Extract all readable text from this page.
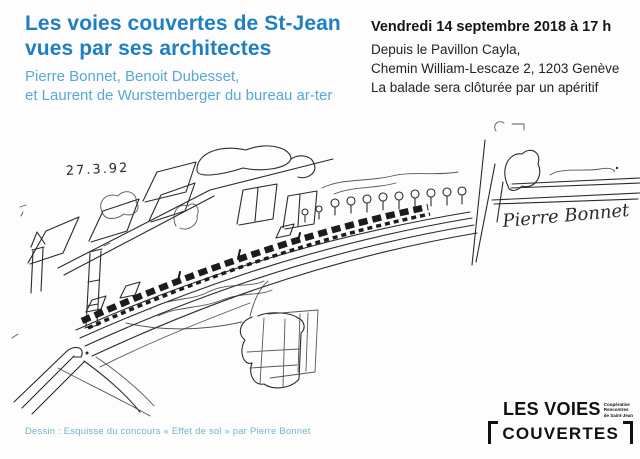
Les voies couvertes de St-Jean
vues par ses architectes
Pierre Bonnet, Benoit Dubesset,
et Laurent de Wurstemberger du bureau ar-ter
Vendredi 14 septembre 2018 à 17 h
Depuis le Pavillon Cayla,
Chemin William-Lescaze 2, 1203 Genève
La balade sera clôturée par un apéritif
27.3.92
Pierre Bonnet
Dessin : Esquisse du concours « Effet de sol » par Pierre Bonnet
LES VOIES Coopérative
Rencontres
de Saint-Jean
COUVERTES
